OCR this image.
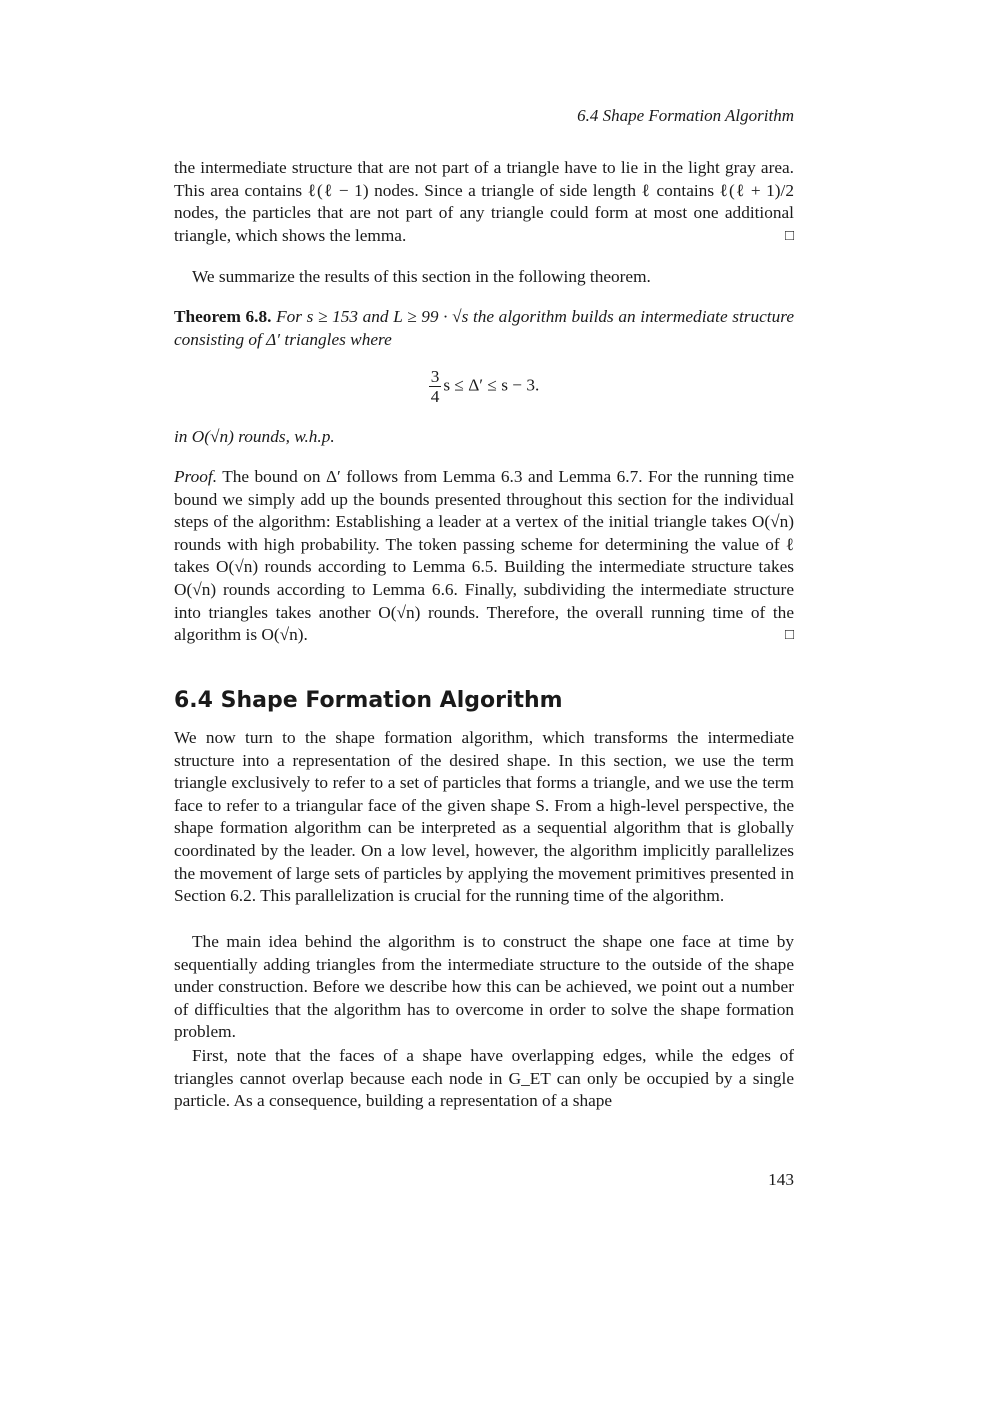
6.4 Shape Formation Algorithm
the intermediate structure that are not part of a triangle have to lie in the light gray area. This area contains ℓ(ℓ − 1) nodes. Since a triangle of side length ℓ contains ℓ(ℓ + 1)/2 nodes, the particles that are not part of any triangle could form at most one additional triangle, which shows the lemma.	□
We summarize the results of this section in the following theorem.
Theorem 6.8. For s ≥ 153 and L ≥ 99 · √s the algorithm builds an intermediate structure consisting of Δ′ triangles where
$\frac{3}{4}$ s ≤ Δ′ ≤ s − 3.
in O(√n) rounds, w.h.p.
Proof. The bound on Δ′ follows from Lemma 6.3 and Lemma 6.7. For the running time bound we simply add up the bounds presented throughout this section for the individual steps of the algorithm: Establishing a leader at a vertex of the initial triangle takes O(√n) rounds with high probability. The token passing scheme for determining the value of ℓ takes O(√n) rounds according to Lemma 6.5. Building the intermediate structure takes O(√n) rounds according to Lemma 6.6. Finally, subdividing the intermediate structure into triangles takes another O(√n) rounds. Therefore, the overall running time of the algorithm is O(√n).	□
6.4 Shape Formation Algorithm
We now turn to the shape formation algorithm, which transforms the intermediate structure into a representation of the desired shape. In this section, we use the term triangle exclusively to refer to a set of particles that forms a triangle, and we use the term face to refer to a triangular face of the given shape S. From a high-level perspective, the shape formation algorithm can be interpreted as a sequential algorithm that is globally coordinated by the leader. On a low level, however, the algorithm implicitly parallelizes the movement of large sets of particles by applying the movement primitives presented in Section 6.2. This parallelization is crucial for the running time of the algorithm.
The main idea behind the algorithm is to construct the shape one face at time by sequentially adding triangles from the intermediate structure to the outside of the shape under construction. Before we describe how this can be achieved, we point out a number of difficulties that the algorithm has to overcome in order to solve the shape formation problem.
First, note that the faces of a shape have overlapping edges, while the edges of triangles cannot overlap because each node in G_ET can only be occupied by a single particle. As a consequence, building a representation of a shape
143
